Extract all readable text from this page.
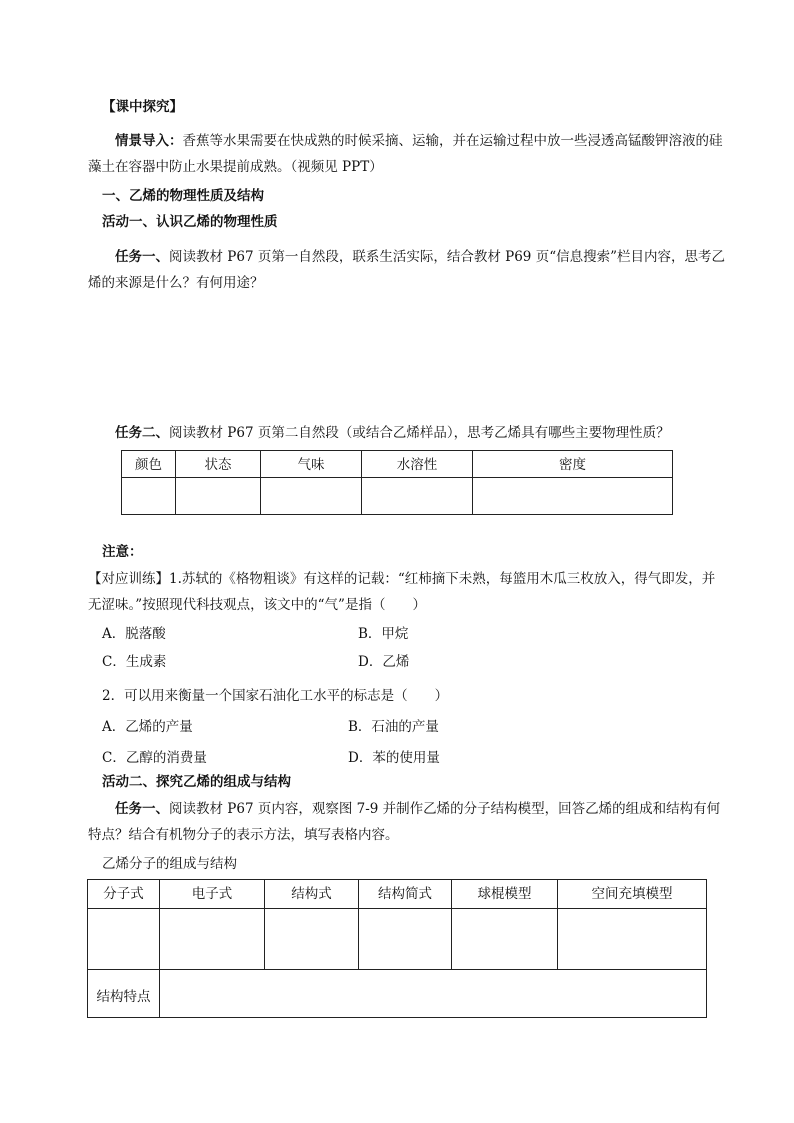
【课中探究】
情景导入：香蕉等水果需要在快成熟的时候采摘、运输，并在运输过程中放一些浸透高锰酸钾溶液的硅藻土在容器中防止水果提前成熟。（视频见 PPT）
一、乙烯的物理性质及结构
活动一、认识乙烯的物理性质
任务一、阅读教材 P67 页第一自然段，联系生活实际，结合教材 P69 页“信息搜索”栏目内容，思考乙烯的来源是什么？有何用途？
任务二、阅读教材 P67 页第二自然段（或结合乙烯样品），思考乙烯具有哪些主要物理性质？
颜色	状态	气味	水溶性	密度

注意：
【对应训练】1.苏轼的《格物粗谈》有这样的记载：“红柿摘下未熟，每篮用木瓜三枚放入，得气即发，并无涩味。”按照现代科技观点，该文中的“气”是指（　　）
A．脱落酸	B．甲烷
C．生成素	D．乙烯
2．可以用来衡量一个国家石油化工水平的标志是（　　）
A．乙烯的产量	B．石油的产量
C．乙醇的消费量	D．苯的使用量
活动二、探究乙烯的组成与结构
任务一、阅读教材 P67 页内容，观察图 7-9 并制作乙烯的分子结构模型，回答乙烯的组成和结构有何特点？结合有机物分子的表示方法，填写表格内容。
乙烯分子的组成与结构
分子式	电子式	结构式	结构简式	球棍模型	空间充填模型

结构特点					
